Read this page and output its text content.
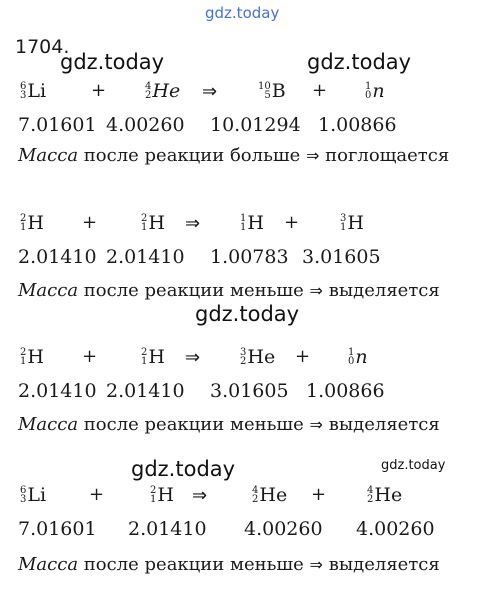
gdz.today
gdz.today	gdz.today
gdz.today
gdz.today	gdz.today
1704.
6
3 Li +	4
2 He ⇒	10
5 B +	1
0 n
7.01601 4.00260 10.01294 1.00866
Масса после реакции больше ⇒ поглощается
2
1 H +	2
1 H ⇒	1
1 H +	3
1 H
2.01410 2.01410 1.00783 3.01605
Масса после реакции меньше ⇒ выделяется
2
1 H +	2
1 H ⇒	3
2 He +	1
0 n
2.01410 2.01410 3.01605 1.00866
Масса после реакции меньше ⇒ выделяется
6
3 Li +	2
1 H ⇒	4
2 He +	4
2 He
7.01601 2.01410 4.00260 4.00260
Масса после реакции меньше ⇒ выделяется
